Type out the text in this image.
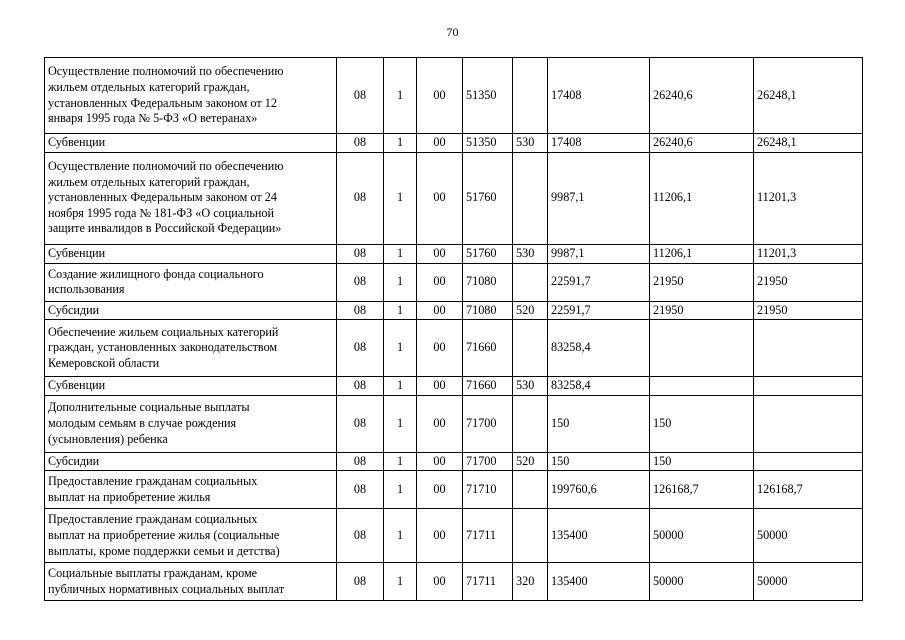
70
Осуществление полномочий по обеспечению
жильем отдельных категорий граждан,
установленных Федеральным законом от 12
января 1995 года № 5-ФЗ «О ветеранах»	08	1	00	51350		17408	26240,6	26248,1
Субвенции	08	1	00	51350	530	17408	26240,6	26248,1
Осуществление полномочий по обеспечению
жильем отдельных категорий граждан,
установленных Федеральным законом от 24
ноября 1995 года № 181-ФЗ «О социальной
защите инвалидов в Российской Федерации»	08	1	00	51760		9987,1	11206,1	11201,3
Субвенции	08	1	00	51760	530	9987,1	11206,1	11201,3
Создание жилищного фонда социального
использования	08	1	00	71080		22591,7	21950	21950
Субсидии	08	1	00	71080	520	22591,7	21950	21950
Обеспечение жильем социальных категорий
граждан, установленных законодательством
Кемеровской области	08	1	00	71660		83258,4		
Субвенции	08	1	00	71660	530	83258,4		
Дополнительные социальные выплаты
молодым семьям в случае рождения
(усыновления) ребенка	08	1	00	71700		150	150	
Субсидии	08	1	00	71700	520	150	150	
Предоставление гражданам социальных
выплат на приобретение жилья	08	1	00	71710		199760,6	126168,7	126168,7
Предоставление гражданам социальных
выплат на приобретение жилья (социальные
выплаты, кроме поддержки семьи и детства)	08	1	00	71711		135400	50000	50000
Социальные выплаты гражданам, кроме
публичных нормативных социальных выплат	08	1	00	71711	320	135400	50000	50000
